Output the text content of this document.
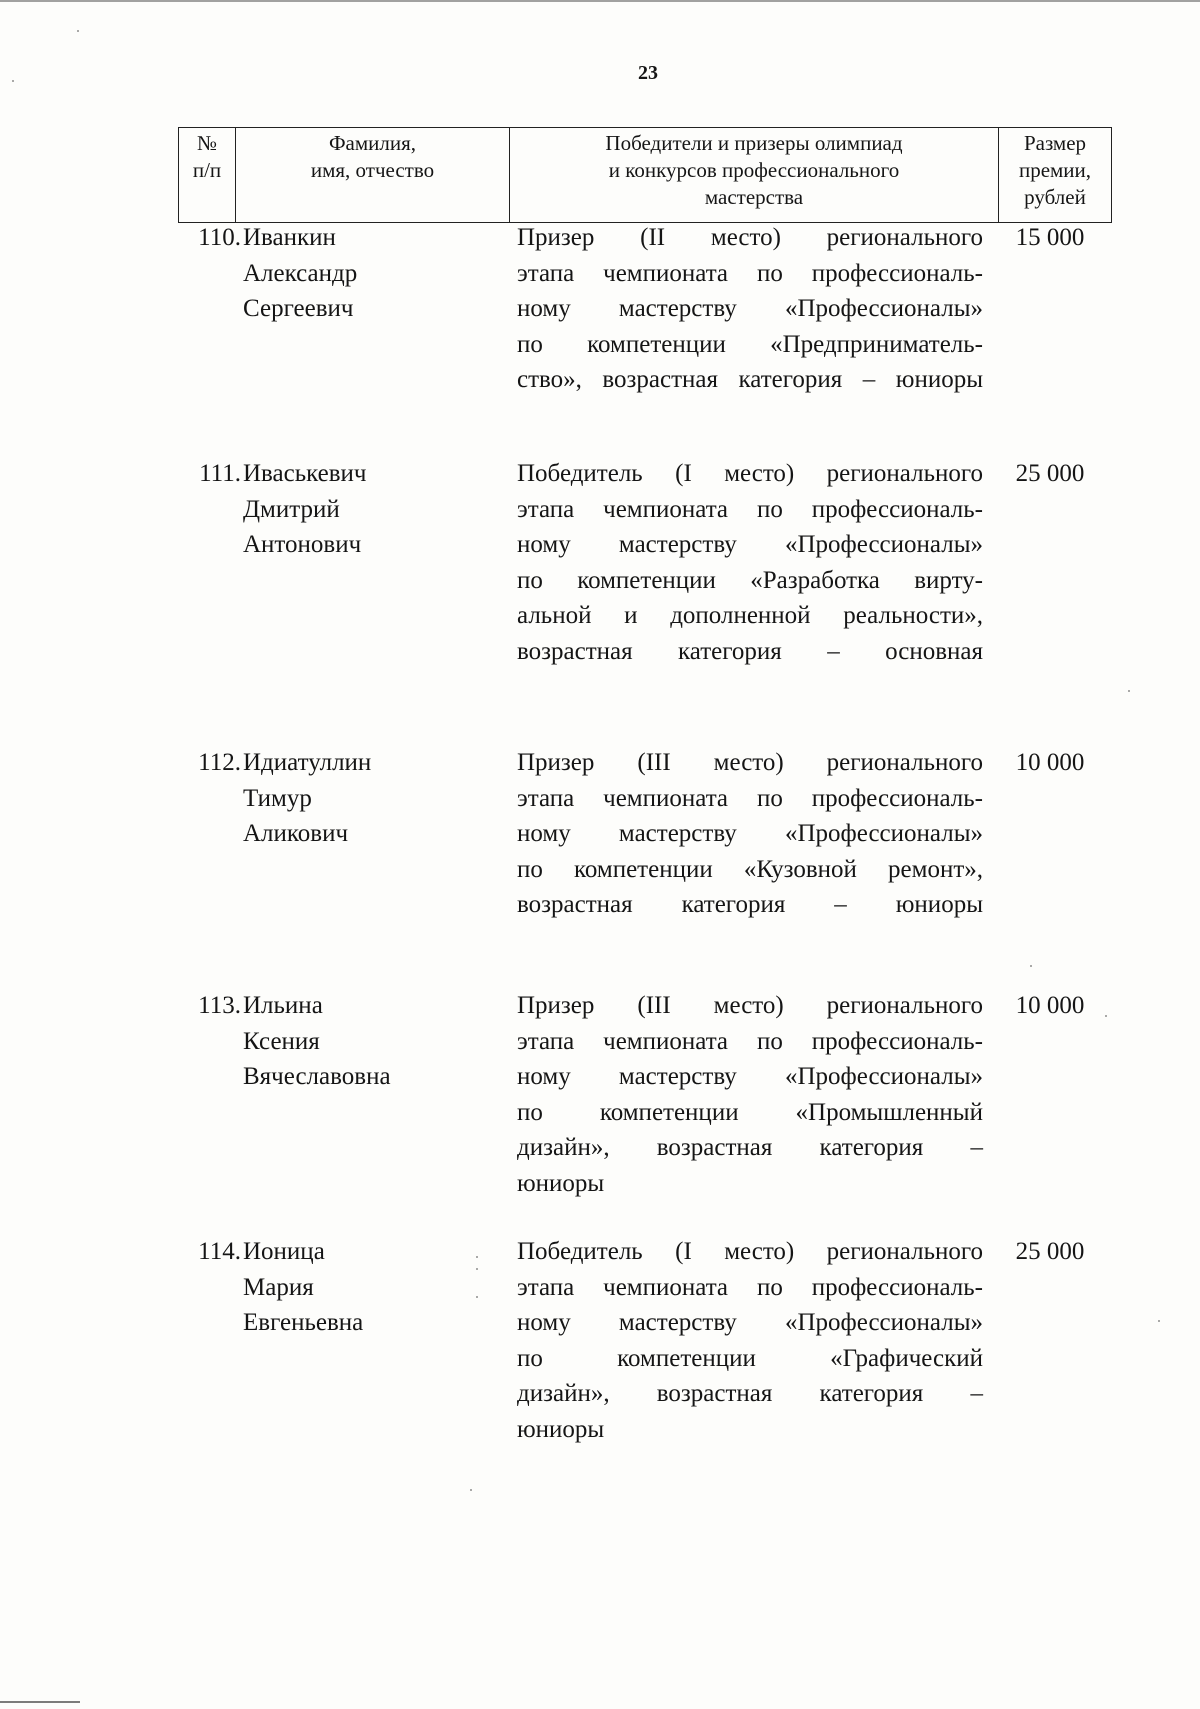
23
№
п/п
Фамилия,
имя, отчество
Победители и призеры олимпиад
и конкурсов профессионального
мастерства
Размер
премии,
рублей
110. Иванкин
Александр
Сергеевич
Призер (II место) регионального
этапа чемпионата по профессиональ-
ному мастерству «Профессионалы»
по компетенции «Предприниматель-
ство», возрастная категория – юниоры
15 000
111. Иваськевич
Дмитрий
Антонович
Победитель (I место) регионального
этапа чемпионата по профессиональ-
ному мастерству «Профессионалы»
по компетенции «Разработка вирту-
альной и дополненной реальности»,
возрастная категория – основная
25 000
112. Идиатуллин
Тимур
Аликович
Призер (III место) регионального
этапа чемпионата по профессиональ-
ному мастерству «Профессионалы»
по компетенции «Кузовной ремонт»,
возрастная категория – юниоры
10 000
113. Ильина
Ксения
Вячеславовна
Призер (III место) регионального
этапа чемпионата по профессиональ-
ному мастерству «Профессионалы»
по компетенции «Промышленный
дизайн», возрастная категория –
юниоры
10 000
114. Ионица
Мария
Евгеньевна
Победитель (I место) регионального
этапа чемпионата по профессиональ-
ному мастерству «Профессионалы»
по компетенции «Графический
дизайн», возрастная категория –
юниоры
25 000
